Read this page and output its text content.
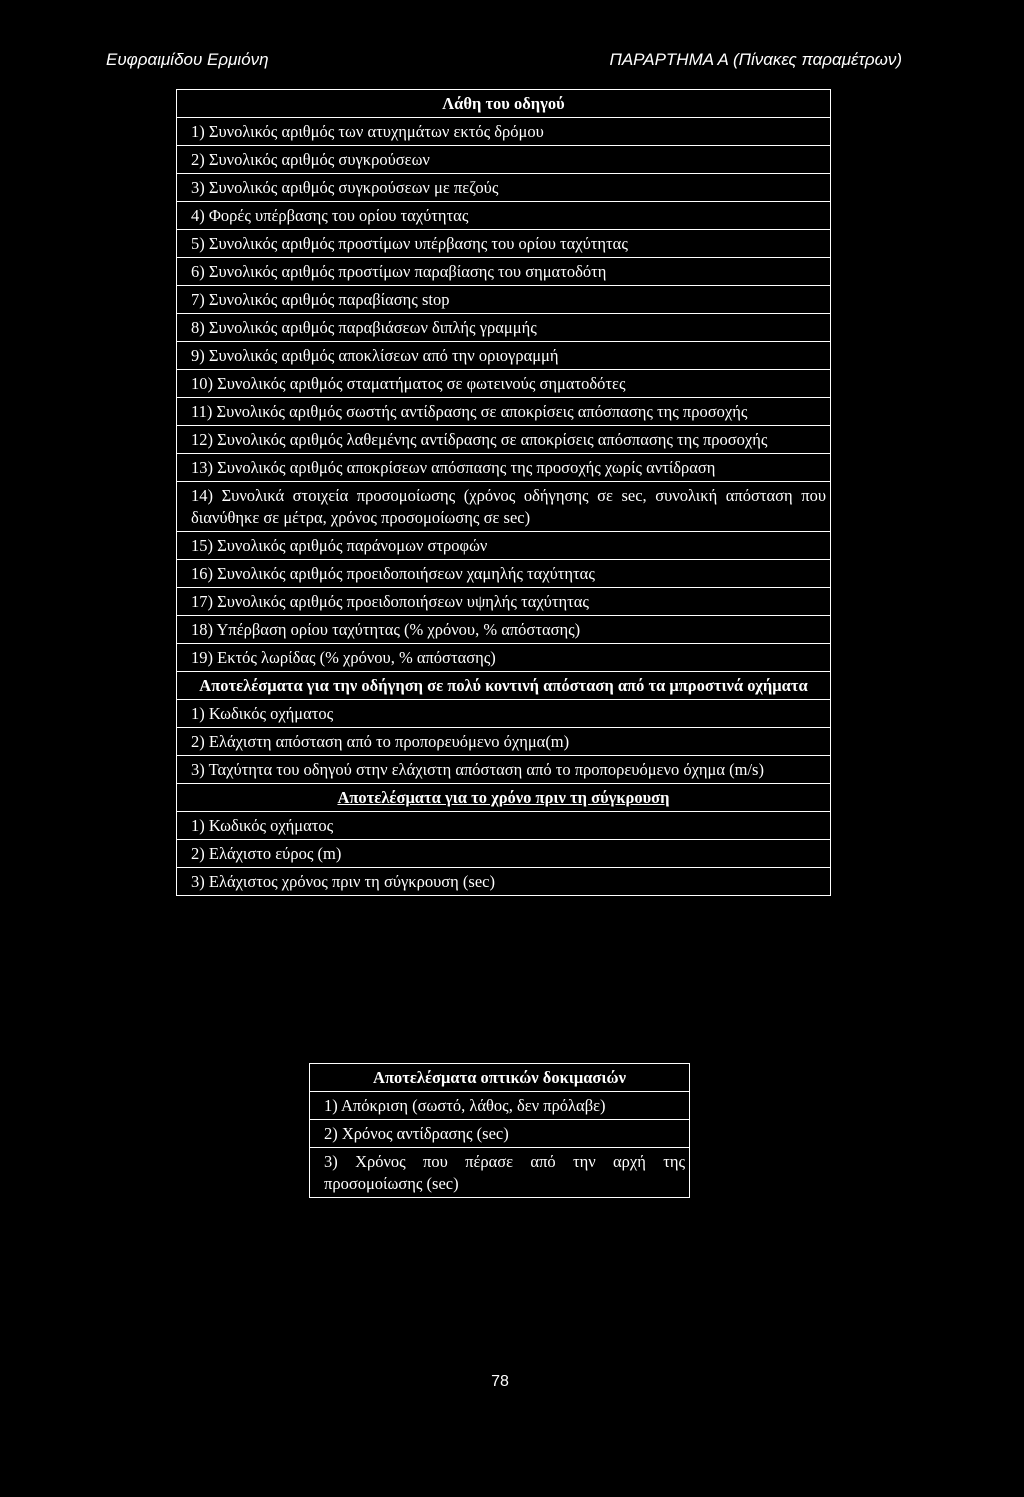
Ευφραιμίδου Ερμιόνη	ΠΑΡΑΡΤΗΜΑ Α (Πίνακες παραμέτρων)
Λάθη του οδηγού
1) Συνολικός αριθμός των ατυχημάτων εκτός δρόμου
2) Συνολικός αριθμός συγκρούσεων
3) Συνολικός αριθμός συγκρούσεων με πεζούς
4) Φορές υπέρβασης του ορίου ταχύτητας
5) Συνολικός αριθμός προστίμων υπέρβασης του ορίου ταχύτητας
6) Συνολικός αριθμός προστίμων παραβίασης του σηματοδότη
7) Συνολικός αριθμός παραβίασης stop
8) Συνολικός αριθμός παραβιάσεων διπλής γραμμής
9) Συνολικός αριθμός αποκλίσεων από την οριογραμμή
10) Συνολικός αριθμός σταματήματος σε φωτεινούς σηματοδότες
11) Συνολικός αριθμός σωστής αντίδρασης σε αποκρίσεις απόσπασης της προσοχής
12) Συνολικός αριθμός λαθεμένης αντίδρασης σε αποκρίσεις απόσπασης της προσοχής
13) Συνολικός αριθμός αποκρίσεων απόσπασης της προσοχής χωρίς αντίδραση
14) Συνολικά στοιχεία προσομοίωσης (χρόνος οδήγησης σε sec, συνολική απόσταση που διανύθηκε σε μέτρα, χρόνος προσομοίωσης σε sec)
15) Συνολικός αριθμός παράνομων στροφών
16) Συνολικός αριθμός προειδοποιήσεων χαμηλής ταχύτητας
17) Συνολικός αριθμός προειδοποιήσεων υψηλής ταχύτητας
18) Υπέρβαση ορίου ταχύτητας (% χρόνου, % απόστασης)
19) Εκτός λωρίδας (% χρόνου, % απόστασης)
Αποτελέσματα για την οδήγηση σε πολύ κοντινή απόσταση από τα μπροστινά οχήματα
1) Κωδικός οχήματος
2) Ελάχιστη απόσταση από το προπορευόμενο όχημα(m)
3) Ταχύτητα του οδηγού στην ελάχιστη απόσταση από το προπορευόμενο όχημα (m/s)
Αποτελέσματα για το χρόνο πριν τη σύγκρουση
1) Κωδικός οχήματος
2) Ελάχιστο εύρος (m)
3) Ελάχιστος χρόνος πριν τη σύγκρουση (sec)
Αποτελέσματα οπτικών δοκιμασιών
1) Απόκριση (σωστό, λάθος, δεν πρόλαβε)
2) Χρόνος αντίδρασης (sec)
3) Χρόνος που πέρασε από την αρχή της προσομοίωσης (sec)
78
